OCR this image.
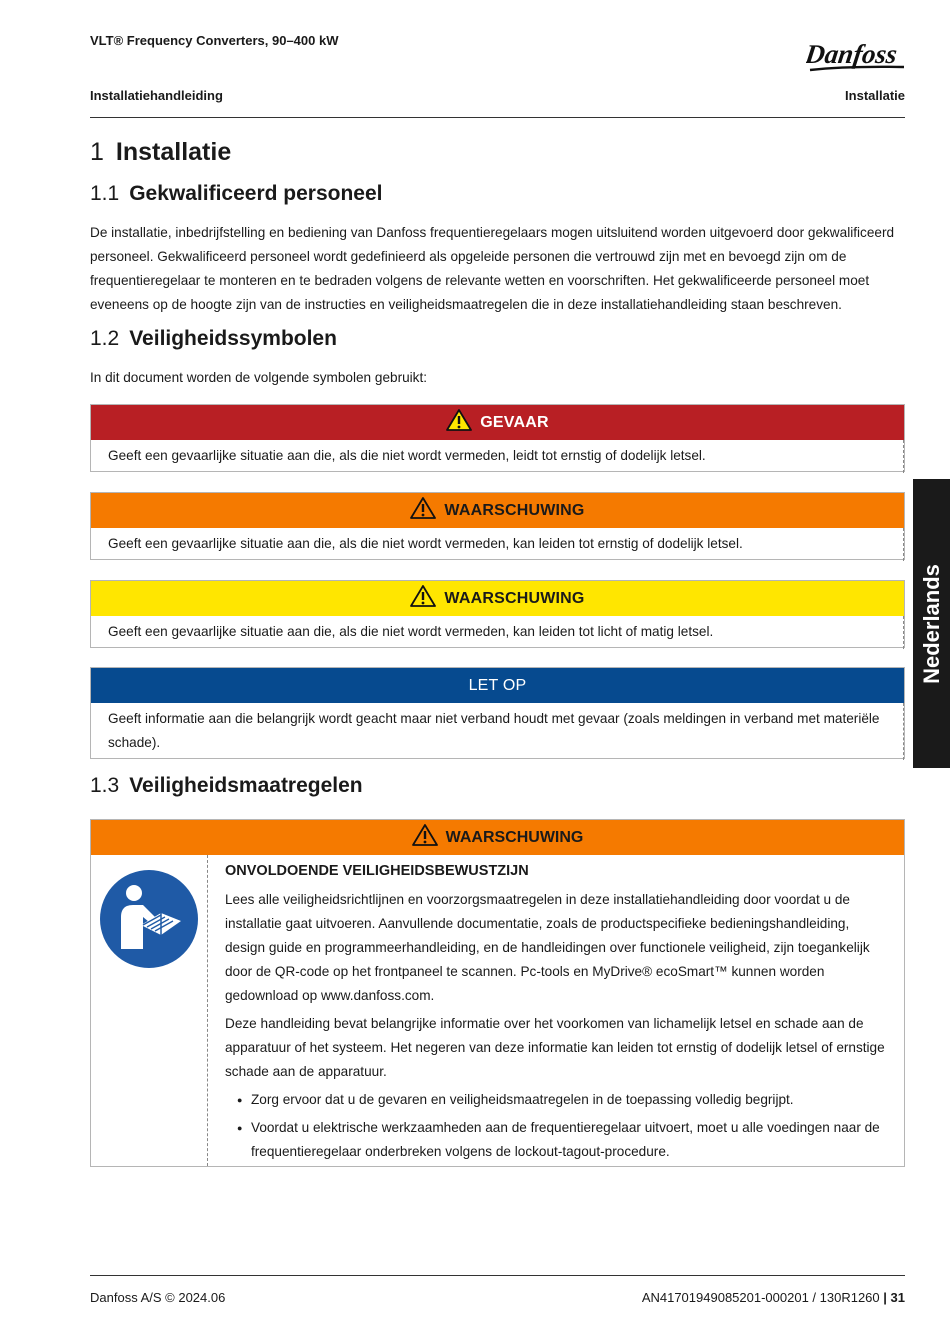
VLT® Frequency Converters, 90–400 kW
Installatiehandleiding	Installatie
Danfoss
1 Installatie
1.1 Gekwalificeerd personeel
De installatie, inbedrijfstelling en bediening van Danfoss frequentieregelaars mogen uitsluitend worden uitgevoerd door gekwalificeerd
personeel. Gekwalificeerd personeel wordt gedefinieerd als opgeleide personen die vertrouwd zijn met en bevoegd zijn om de
frequentieregelaar te monteren en te bedraden volgens de relevante wetten en voorschriften. Het gekwalificeerde personeel moet
eveneens op de hoogte zijn van de instructies en veiligheidsmaatregelen die in deze installatiehandleiding staan beschreven.
1.2 Veiligheidssymbolen
In dit document worden de volgende symbolen gebruikt:
GEVAAR
Geeft een gevaarlijke situatie aan die, als die niet wordt vermeden, leidt tot ernstig of dodelijk letsel.
WAARSCHUWING
Geeft een gevaarlijke situatie aan die, als die niet wordt vermeden, kan leiden tot ernstig of dodelijk letsel.
WAARSCHUWING
Geeft een gevaarlijke situatie aan die, als die niet wordt vermeden, kan leiden tot licht of matig letsel.
LET OP
Geeft informatie aan die belangrijk wordt geacht maar niet verband houdt met gevaar (zoals meldingen in verband met materiële schade).
1.3 Veiligheidsmaatregelen
WAARSCHUWING
ONVOLDOENDE VEILIGHEIDSBEWUSTZIJN

Lees alle veiligheidsrichtlijnen en voorzorgsmaatregelen in deze installatiehandleiding door voordat u de installatie gaat uitvoeren. Aanvullende documentatie, zoals de productspecifieke bedieningshandleiding, design guide en programmeerhandleiding, en de handleidingen over functionele veiligheid, zijn toegankelijk door de QR-code op het frontpaneel te scannen. Pc-tools en MyDrive® ecoSmart™ kunnen worden gedownload op www.danfoss.com.

Deze handleiding bevat belangrijke informatie over het voorkomen van lichamelijk letsel en schade aan de apparatuur of het systeem. Het negeren van deze informatie kan leiden tot ernstig of dodelijk letsel of ernstige schade aan de apparatuur.

● Zorg ervoor dat u de gevaren en veiligheidsmaatregelen in de toepassing volledig begrijpt.
● Voordat u elektrische werkzaamheden aan de frequentieregelaar uitvoert, moet u alle voedingen naar de frequentieregelaar onderbreken volgens de lockout-tagout-procedure.
Nederlands
Danfoss A/S © 2024.06	AN41701949085201-000201 / 130R1260 | 31
